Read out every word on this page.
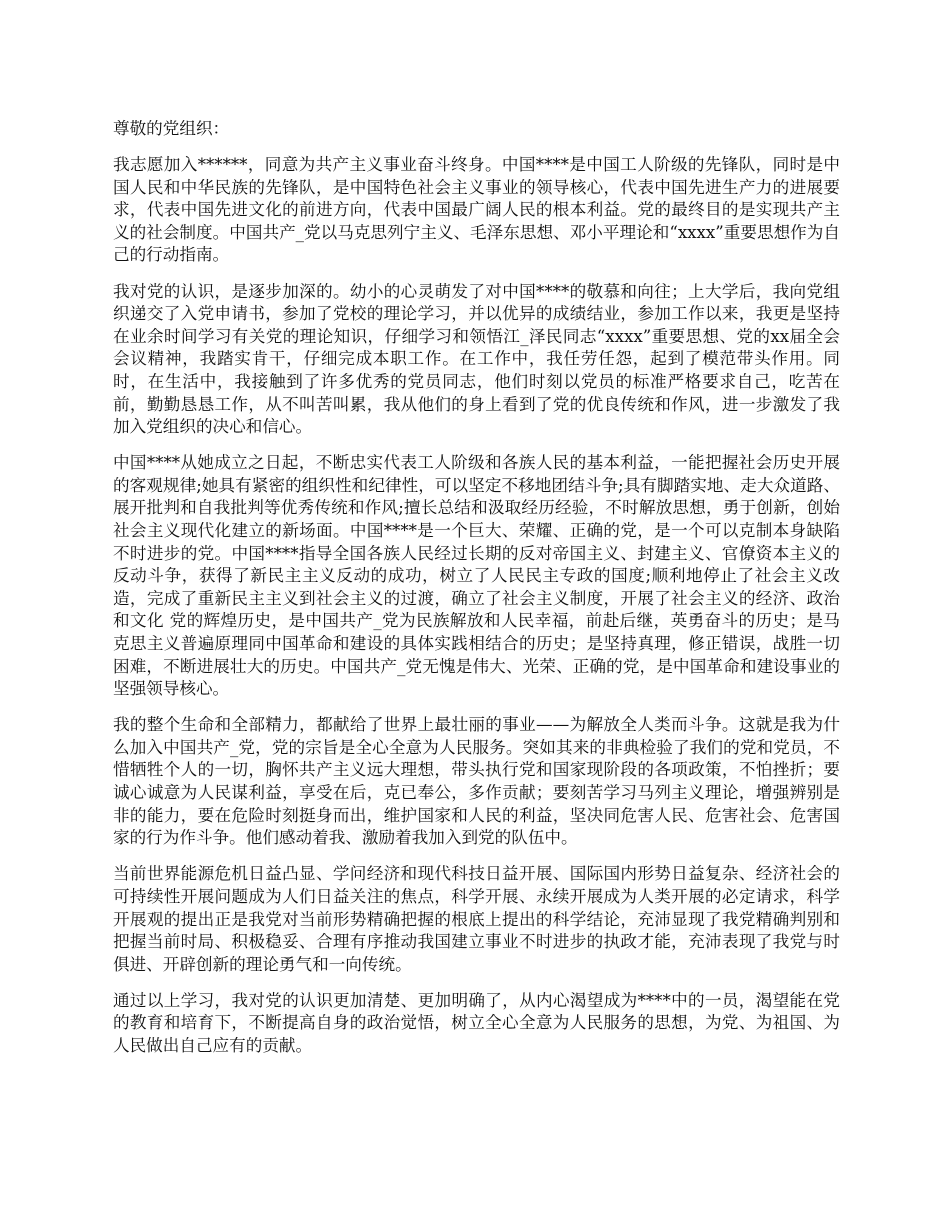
尊敬的党组织：

我志愿加入******，同意为共产主义事业奋斗终身。中国****是中国工人阶级的先锋队，同时是中国人民和中华民族的先锋队，是中国特色社会主义事业的领导核心，代表中国先进生产力的进展要求，代表中国先进文化的前进方向，代表中国最广阔人民的根本利益。党的最终目的是实现共产主义的社会制度。中国共产_党以马克思列宁主义、毛泽东思想、邓小平理论和“xxxx”重要思想作为自己的行动指南。

我对党的认识，是逐步加深的。幼小的心灵萌发了对中国****的敬慕和向往；上大学后，我向党组织递交了入党申请书，参加了党校的理论学习，并以优异的成绩结业，参加工作以来，我更是坚持在业余时间学习有关党的理论知识，仔细学习和领悟江_泽民同志“xxxx”重要思想、党的xx届全会会议精神，我踏实肯干，仔细完成本职工作。在工作中，我任劳任怨，起到了模范带头作用。同时，在生活中，我接触到了许多优秀的党员同志，他们时刻以党员的标准严格要求自己，吃苦在前，勤勤恳恳工作，从不叫苦叫累，我从他们的身上看到了党的优良传统和作风，进一步激发了我加入党组织的决心和信心。

中国****从她成立之日起，不断忠实代表工人阶级和各族人民的基本利益，一能把握社会历史开展的客观规律;她具有紧密的组织性和纪律性，可以坚定不移地团结斗争;具有脚踏实地、走大众道路、展开批判和自我批判等优秀传统和作风;擅长总结和汲取经历经验，不时解放思想，勇于创新，创始社会主义现代化建立的新场面。中国****是一个巨大、荣耀、正确的党，是一个可以克制本身缺陷不时进步的党。中国****指导全国各族人民经过长期的反对帝国主义、封建主义、官僚资本主义的反动斗争，获得了新民主主义反动的成功，树立了人民民主专政的国度;顺利地停止了社会主义改造，完成了重新民主主义到社会主义的过渡，确立了社会主义制度，开展了社会主义的经济、政治和文化 党的辉煌历史，是中国共产_党为民族解放和人民幸福，前赴后继，英勇奋斗的历史；是马克思主义普遍原理同中国革命和建设的具体实践相结合的历史；是坚持真理，修正错误，战胜一切困难，不断进展壮大的历史。中国共产_党无愧是伟大、光荣、正确的党，是中国革命和建设事业的坚强领导核心。

我的整个生命和全部精力，都献给了世界上最壮丽的事业——为解放全人类而斗争。这就是我为什么加入中国共产_党，党的宗旨是全心全意为人民服务。突如其来的非典检验了我们的党和党员，不惜牺牲个人的一切，胸怀共产主义远大理想，带头执行党和国家现阶段的各项政策，不怕挫折；要诚心诚意为人民谋利益，享受在后，克已奉公，多作贡献；要刻苦学习马列主义理论，增强辨别是非的能力，要在危险时刻挺身而出，维护国家和人民的利益，坚决同危害人民、危害社会、危害国家的行为作斗争。他们感动着我、激励着我加入到党的队伍中。

当前世界能源危机日益凸显、学问经济和现代科技日益开展、国际国内形势日益复杂、经济社会的可持续性开展问题成为人们日益关注的焦点，科学开展、永续开展成为人类开展的必定请求，科学开展观的提出正是我党对当前形势精确把握的根底上提出的科学结论，充沛显现了我党精确判别和把握当前时局、积极稳妥、合理有序推动我国建立事业不时进步的执政才能，充沛表现了我党与时俱进、开辟创新的理论勇气和一向传统。

通过以上学习，我对党的认识更加清楚、更加明确了，从内心渴望成为****中的一员，渴望能在党的教育和培育下，不断提高自身的政治觉悟，树立全心全意为人民服务的思想，为党、为祖国、为人民做出自己应有的贡献。
